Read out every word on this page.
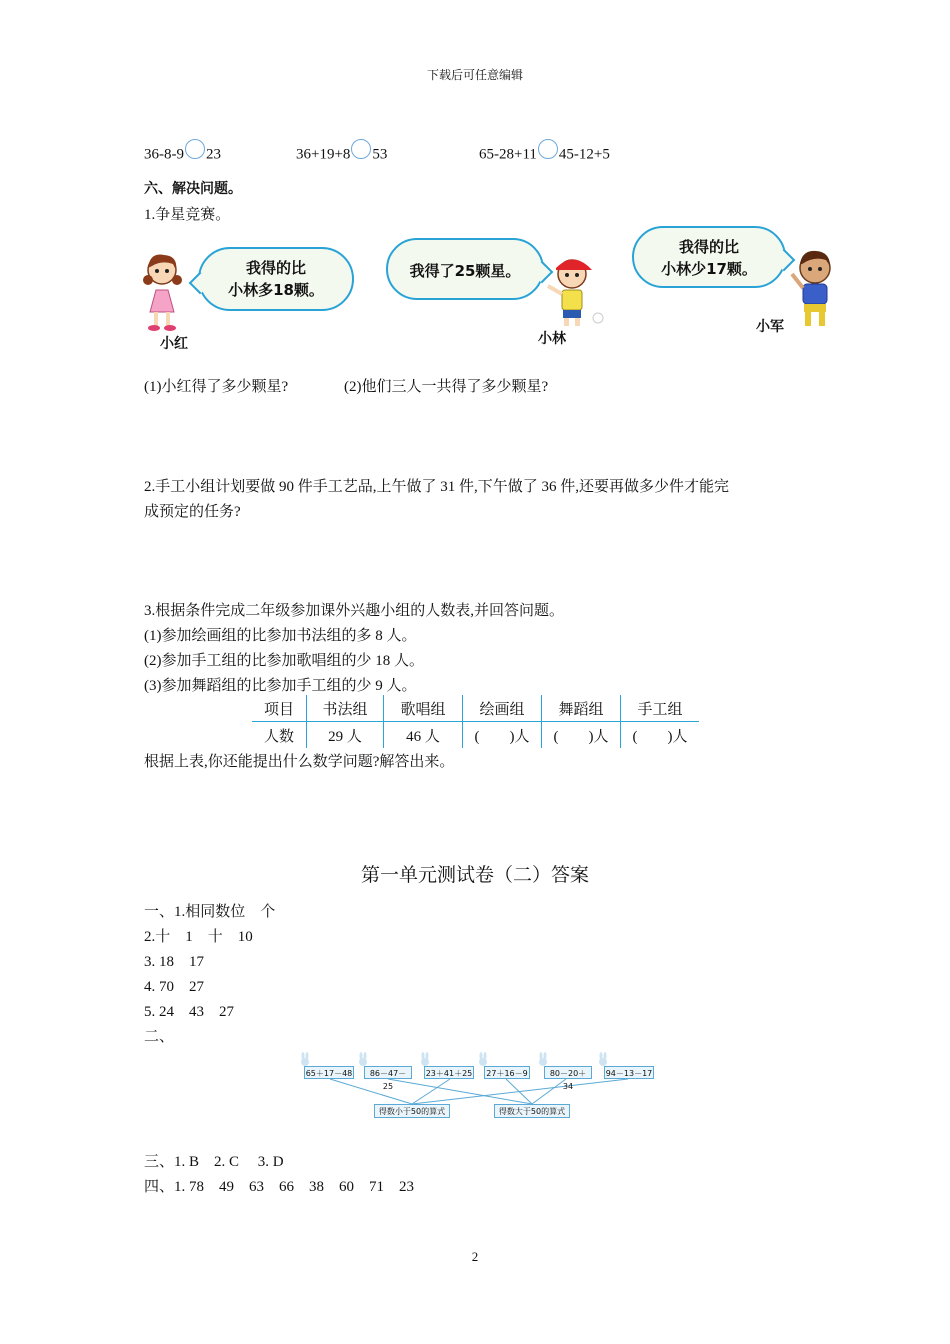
下载后可任意编辑
36-8-9 23	36+19+8 53	65-28+11 45-12+5
六、解决问题。
1.争星竞赛。
小红
我得的比
小林多18颗。
我得了25颗星。
小林
我得的比
小林少17颗。
小军
(1)小红得了多少颗星?	(2)他们三人一共得了多少颗星?
2.手工小组计划要做 90 件手工艺品,上午做了 31 件,下午做了 36 件,还要再做多少件才能完
成预定的任务?
3.根据条件完成二年级参加课外兴趣小组的人数表,并回答问题。
(1)参加绘画组的比参加书法组的多 8 人。
(2)参加手工组的比参加歌唱组的少 18 人。
(3)参加舞蹈组的比参加手工组的少 9 人。
项目	书法组	歌唱组	绘画组	舞蹈组	手工组
人数	29 人	46 人	(　　)人	(　　)人	(　　)人
根据上表,你还能提出什么数学问题?解答出来。
第一单元测试卷（二）答案
一、1.相同数位　个
2.十　1　十　10
3. 18　17
4. 70　27
5. 24　43　27
二、
65＋17－48	86－47－25
23＋41＋25 27＋16－9	80－20＋34
94－13－17
得数小于50的算式	得数大于50的算式
三、1. B　2. C　 3. D
四、1. 78　49　63　66　38　60　71　23
2
